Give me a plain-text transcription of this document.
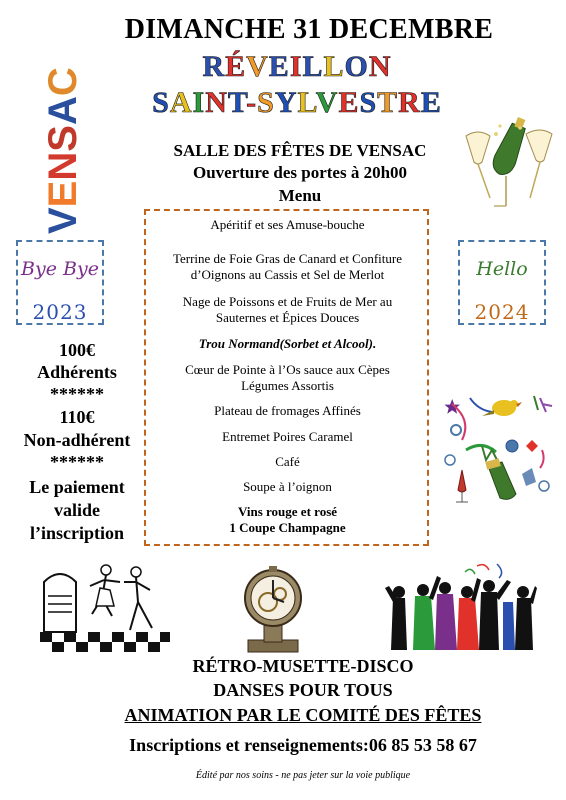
VENSAC
DIMANCHE 31 DECEMBRE
RÉVEILLON
SAINT-SYLVESTRE
SALLE DES FÊTES DE VENSAC
Ouverture des portes à 20h00
Menu
Bye Bye
2023
Hello
2024
Apéritif et ses Amuse-bouche
Terrine de Foie Gras de Canard et Confiture
d’Oignons au Cassis et Sel de Merlot
Nage de Poissons et de Fruits de Mer au
Sauternes et Épices Douces
Trou Normand(Sorbet et Alcool).
Cœur de Pointe à l’Os sauce aux Cèpes
Légumes Assortis
Plateau de fromages Affinés
Entremet Poires Caramel
Café
Soupe à l’oignon
Vins rouge et rosé
1 Coupe Champagne
100€
Adhérents
******
110€
Non-adhérent
******
Le paiement
valide
l’inscription
RÉTRO-MUSETTE-DISCO
DANSES POUR TOUS
ANIMATION PAR LE COMITÉ DES FÊTES
Inscriptions et renseignements:06 85 53 58 67
Édité par nos soins - ne pas jeter sur la voie publique
